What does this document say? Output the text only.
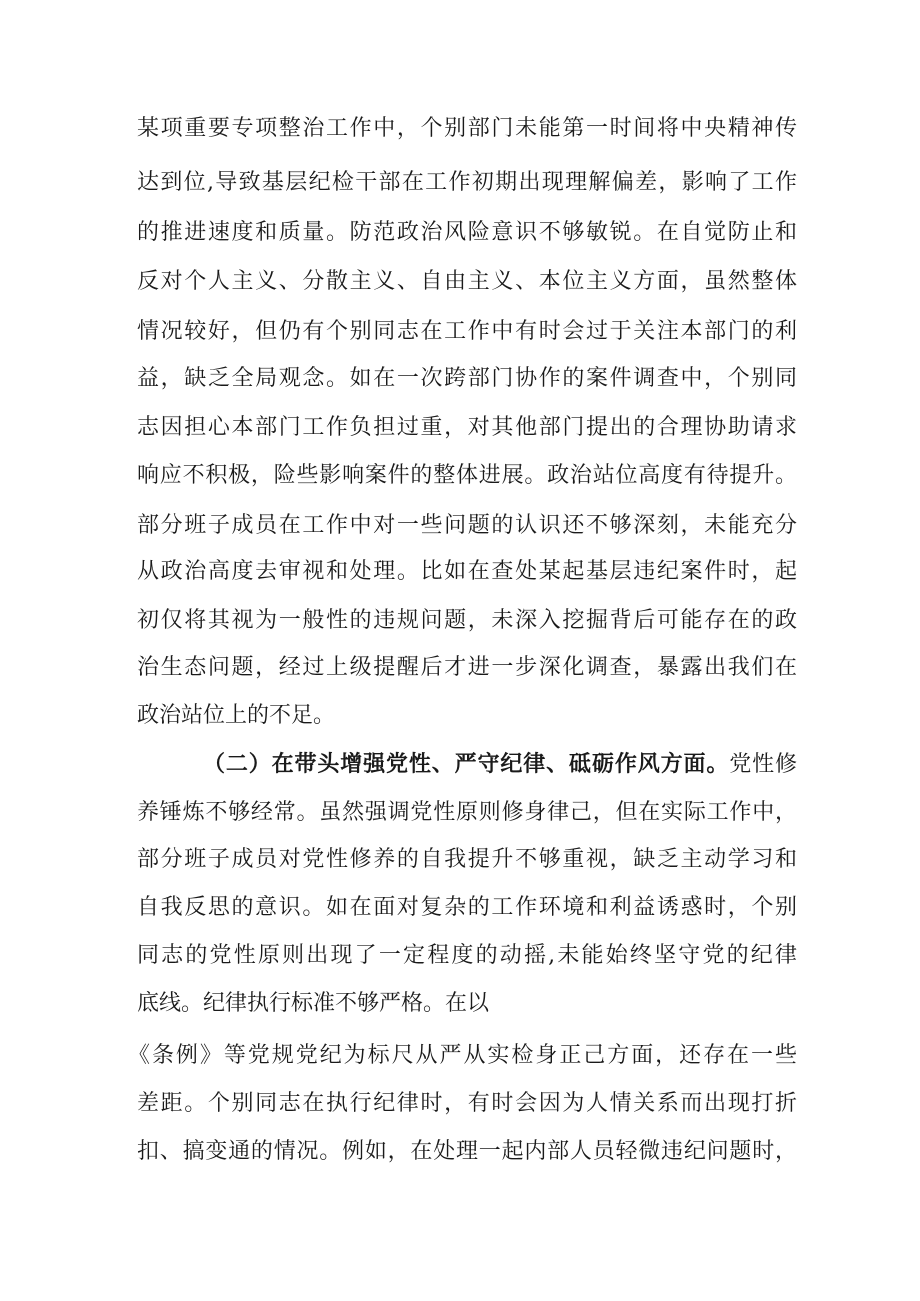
某项重要专项整治工作中，个别部门未能第一时间将中央精神传
达到位,导致基层纪检干部在工作初期出现理解偏差，影响了工作
的推进速度和质量。防范政治风险意识不够敏锐。在自觉防止和
反对个人主义、分散主义、自由主义、本位主义方面，虽然整体
情况较好，但仍有个别同志在工作中有时会过于关注本部门的利
益，缺乏全局观念。如在一次跨部门协作的案件调查中，个别同
志因担心本部门工作负担过重，对其他部门提出的合理协助请求
响应不积极，险些影响案件的整体进展。政治站位高度有待提升。
部分班子成员在工作中对一些问题的认识还不够深刻，未能充分
从政治高度去审视和处理。比如在查处某起基层违纪案件时，起
初仅将其视为一般性的违规问题，未深入挖掘背后可能存在的政
治生态问题，经过上级提醒后才进一步深化调查，暴露出我们在
政治站位上的不足。
（二）在带头增强党性、严守纪律、砥砺作风方面。党性修
养锤炼不够经常。虽然强调党性原则修身律己，但在实际工作中，
部分班子成员对党性修养的自我提升不够重视，缺乏主动学习和
自我反思的意识。如在面对复杂的工作环境和利益诱惑时，个别
同志的党性原则出现了一定程度的动摇,未能始终坚守党的纪律
底线。纪律执行标准不够严格。在以
《条例》等党规党纪为标尺从严从实检身正己方面，还存在一些
差距。个别同志在执行纪律时，有时会因为人情关系而出现打折
扣、搞变通的情况。例如，在处理一起内部人员轻微违纪问题时，
